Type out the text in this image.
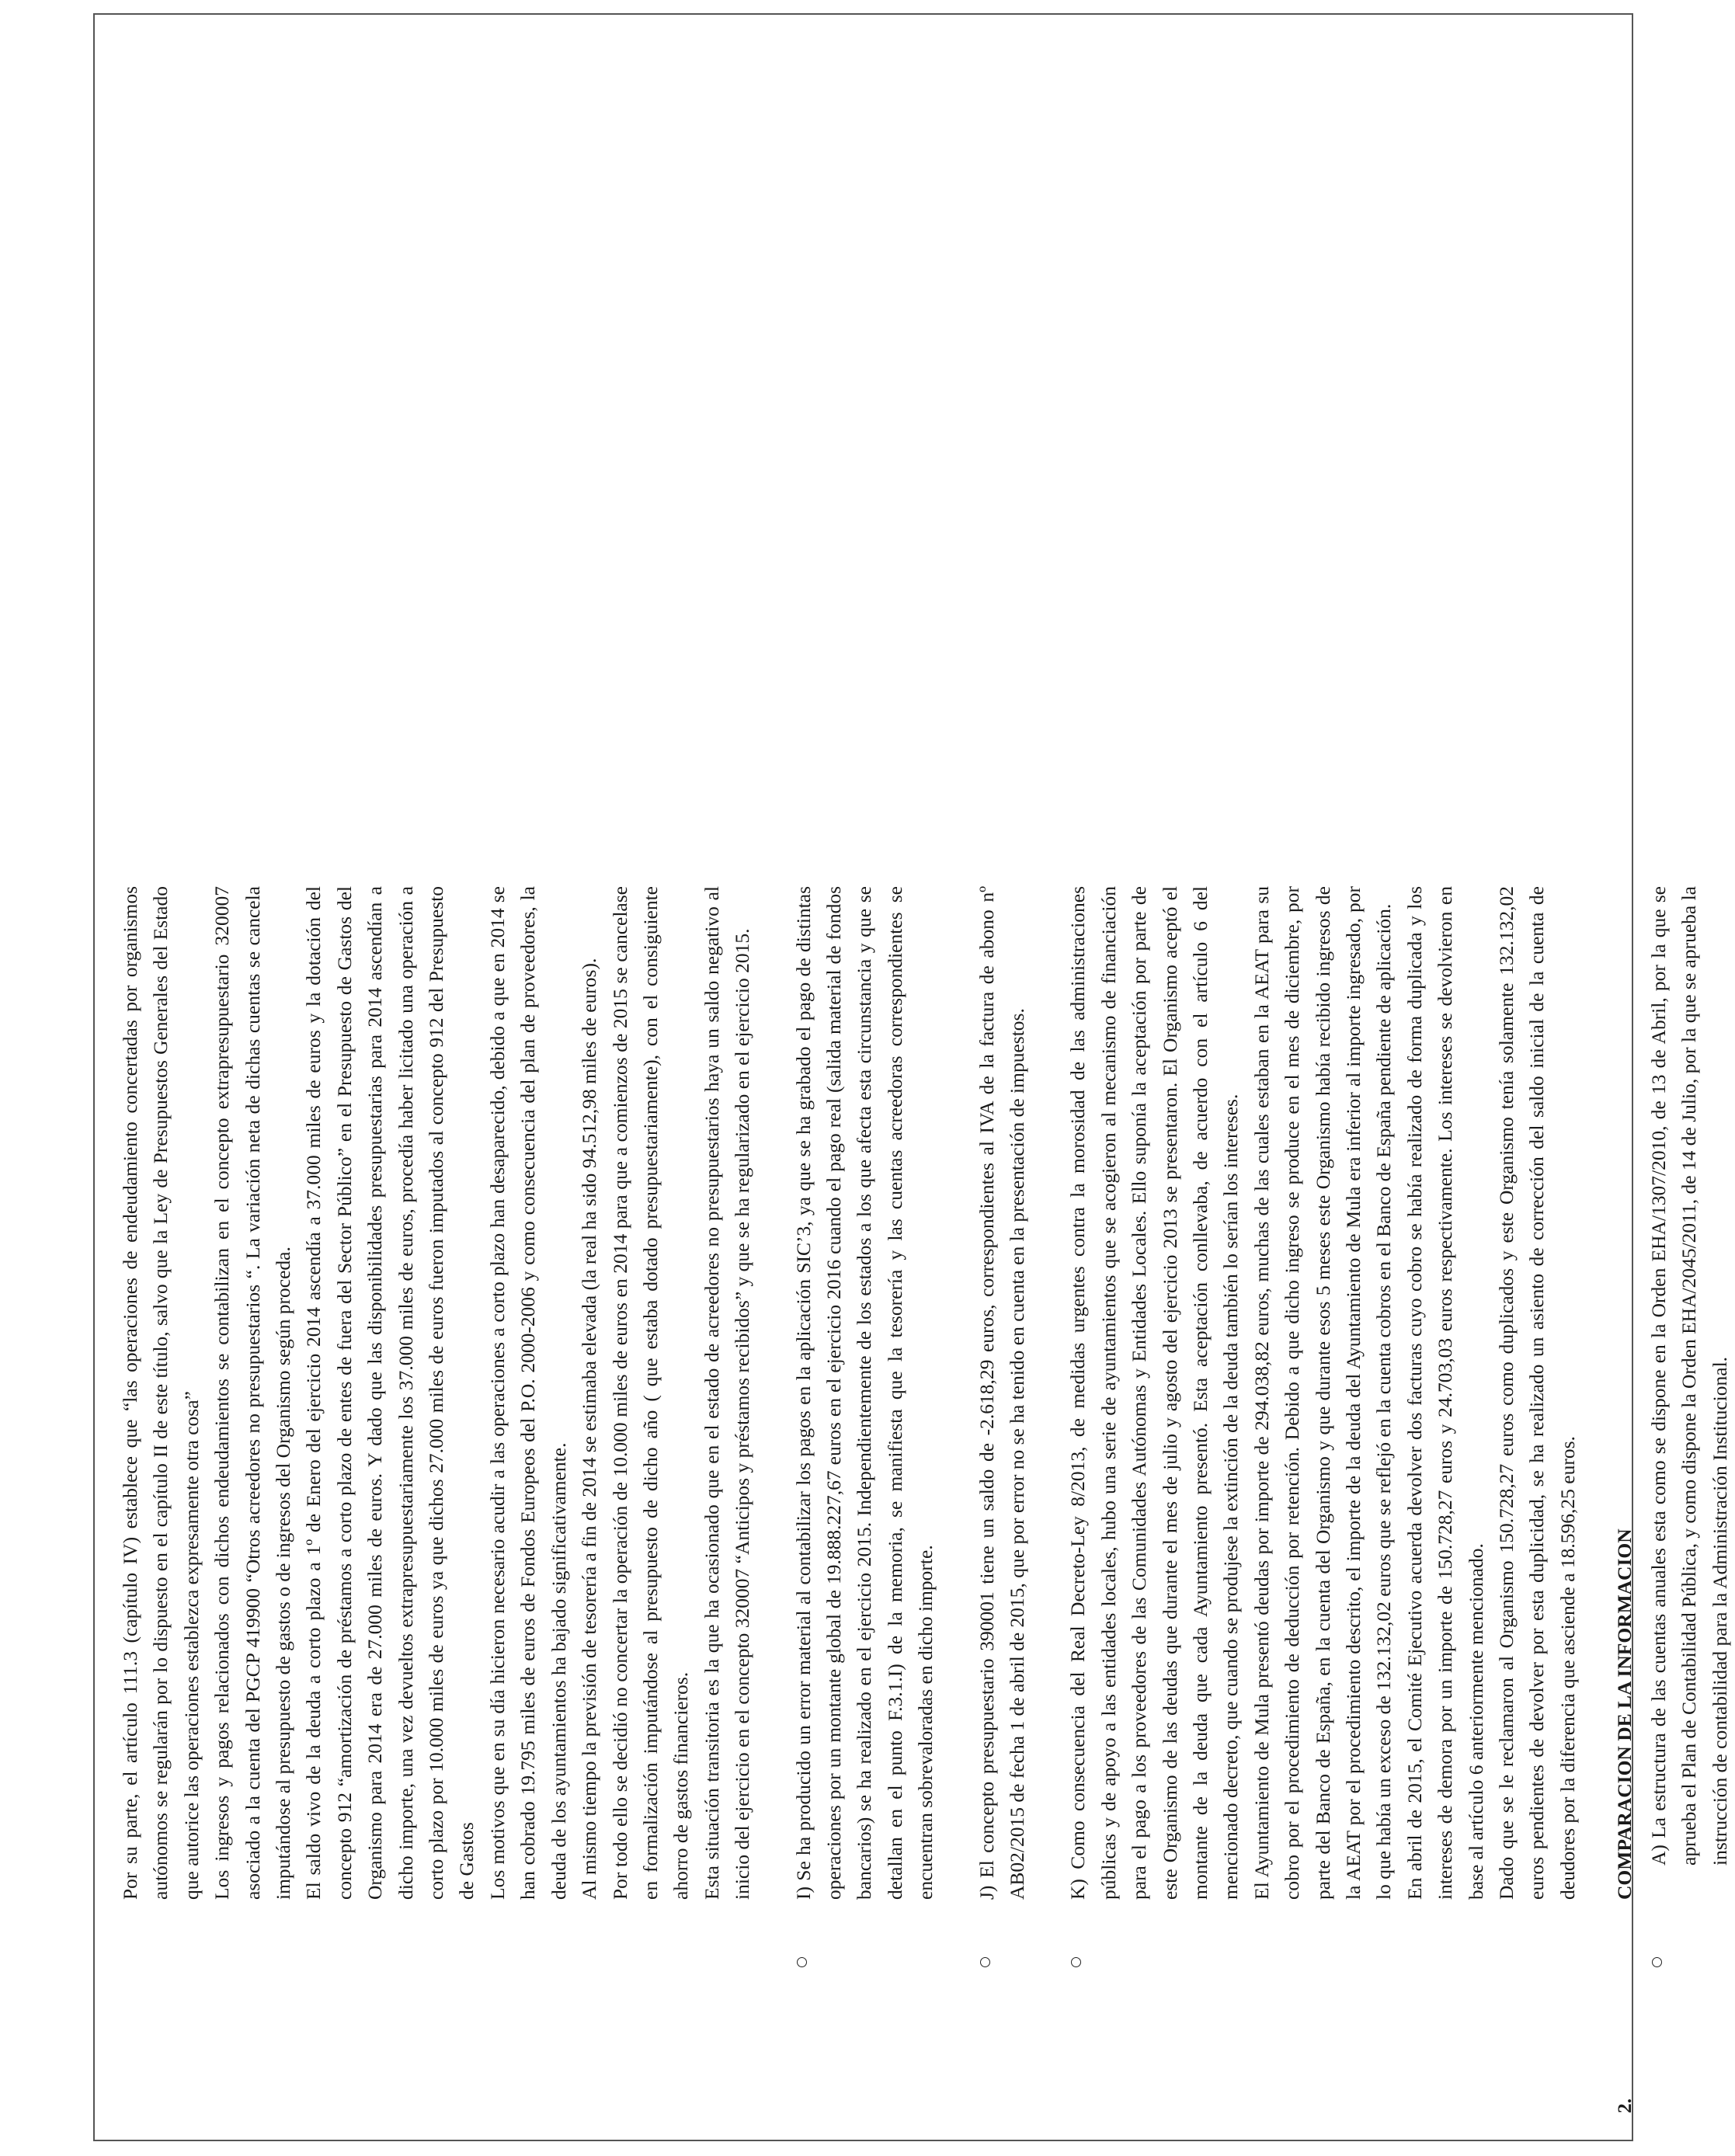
Por su parte, el artículo 111.3 (capítulo IV) establece que “las operaciones de endeudamiento concertadas por organismos autónomos se regularán por lo dispuesto en el capítulo II de este título, salvo que la Ley de Presupuestos Generales del Estado que autorice las operaciones establezca expresamente otra cosa” Los ingresos y pagos relacionados con dichos endeudamientos se contabilizan en el concepto extrapresupuestario 320007 asociado a la cuenta del PGCP 419900 “Otros acreedores no presupuestarios “. La variación neta de dichas cuentas se cancela imputándose al presupuesto de gastos o de ingresos del Organismo según proceda. El saldo vivo de la deuda a corto plazo a 1º de Enero del ejercicio 2014 ascendía a 37.000 miles de euros y la dotación del concepto 912 “amortización de préstamos a corto plazo de entes de fuera del Sector Público” en el Presupuesto de Gastos del Organismo para 2014 era de 27.000 miles de euros. Y dado que las disponibilidades presupuestarias para 2014 ascendían a dicho importe, una vez devueltos extrapresupuestariamente los 37.000 miles de euros, procedía haber licitado una operación a corto plazo por 10.000 miles de euros ya que dichos 27.000 miles de euros fueron imputados al concepto 912 del Presupuesto de Gastos Los motivos que en su día hicieron necesario acudir a las operaciones a corto plazo han desaparecido, debido a que en 2014 se han cobrado 19.795 miles de euros de Fondos Europeos del P.O. 2000-2006 y como consecuencia del plan de proveedores, la deuda de los ayuntamientos ha bajado significativamente. Al mismo tiempo la previsión de tesorería a fin de 2014 se estimaba elevada (la real ha sido 94.512,98 miles de euros). Por todo ello se decidió no concertar la operación de 10.000 miles de euros en 2014 para que a comienzos de 2015 se cancelase en formalización imputándose al presupuesto de dicho año ( que estaba dotado presupuestariamente), con el consiguiente ahorro de gastos financieros. Esta situación transitoria es la que ha ocasionado que en el estado de acreedores no presupuestarios haya un saldo negativo al inicio del ejercicio en el concepto 320007 “Anticipos y préstamos recibidos” y que se ha regularizado en el ejercicio 2015. I) Se ha producido un error material al contabilizar los pagos en la aplicación SIC’3, ya que se ha grabado el pago de distintas operaciones por un montante global de 19.888.227,67 euros en el ejercicio 2016 cuando el pago real (salida material de fondos bancarios) se ha realizado en el ejercicio 2015. Independientemente de los estados a los que afecta esta circunstancia y que se detallan en el punto F.3.1.I) de la memoria, se manifiesta que la tesorería y las cuentas acreedoras correspondientes se encuentran sobrevaloradas en dicho importe. J) El concepto presupuestario 390001 tiene un saldo de -2.618,29 euros, correspondientes al IVA de la factura de abono nº AB02/2015 de fecha 1 de abril de 2015, que por error no se ha tenido en cuenta en la presentación de impuestos. K) Como consecuencia del Real Decreto-Ley 8/2013, de medidas urgentes contra la morosidad de las administraciones públicas y de apoyo a las entidades locales, hubo una serie de ayuntamientos que se acogieron al mecanismo de financiación para el pago a los proveedores de las Comunidades Autónomas y Entidades Locales. Ello suponía la aceptación por parte de este Organismo de las deudas que durante el mes de julio y agosto del ejercicio 2013 se presentaron. El Organismo aceptó el montante de la deuda que cada Ayuntamiento presentó. Esta aceptación conllevaba, de acuerdo con el artículo 6 del mencionado decreto, que cuando se produjese la extinción de la deuda también lo serían los intereses. El Ayuntamiento de Mula presentó deudas por importe de 294.038,82 euros, muchas de las cuales estaban en la AEAT para su cobro por el procedimiento de deducción por retención. Debido a que dicho ingreso se produce en el mes de diciembre, por parte del Banco de España, en la cuenta del Organismo y que durante esos 5 meses este Organismo había recibido ingresos de la AEAT por el procedimiento descrito, el importe de la deuda del Ayuntamiento de Mula era inferior al importe ingresado, por lo que había un exceso de 132.132,02 euros que se reflejó en la cuenta cobros en el Banco de España pendiente de aplicación. En abril de 2015, el Comité Ejecutivo acuerda devolver dos facturas cuyo cobro se había realizado de forma duplicada y los intereses de demora por un importe de 150.728,27 euros y 24.703,03 euros respectivamente. Los intereses se devolvieron en base al artículo 6 anteriormente mencionado. Dado que se le reclamaron al Organismo 150.728,27 euros como duplicados y este Organismo tenía solamente 132.132,02 euros pendientes de devolver por esta duplicidad, se ha realizado un asiento de corrección del saldo inicial de la cuenta de deudores por la diferencia que asciende a 18.596,25 euros.

2.
COMPARACION DE LA INFORMACION A) La estructura de las cuentas anuales esta como se dispone en la Orden EHA/1307/2010, de 13 de Abril, por la que se aprueba el Plan de Contabilidad Pública, y como dispone la Orden EHA/2045/2011, de 14 de Julio, por la que se aprueba la instrucción de contabilidad para la Administración Institucional.
